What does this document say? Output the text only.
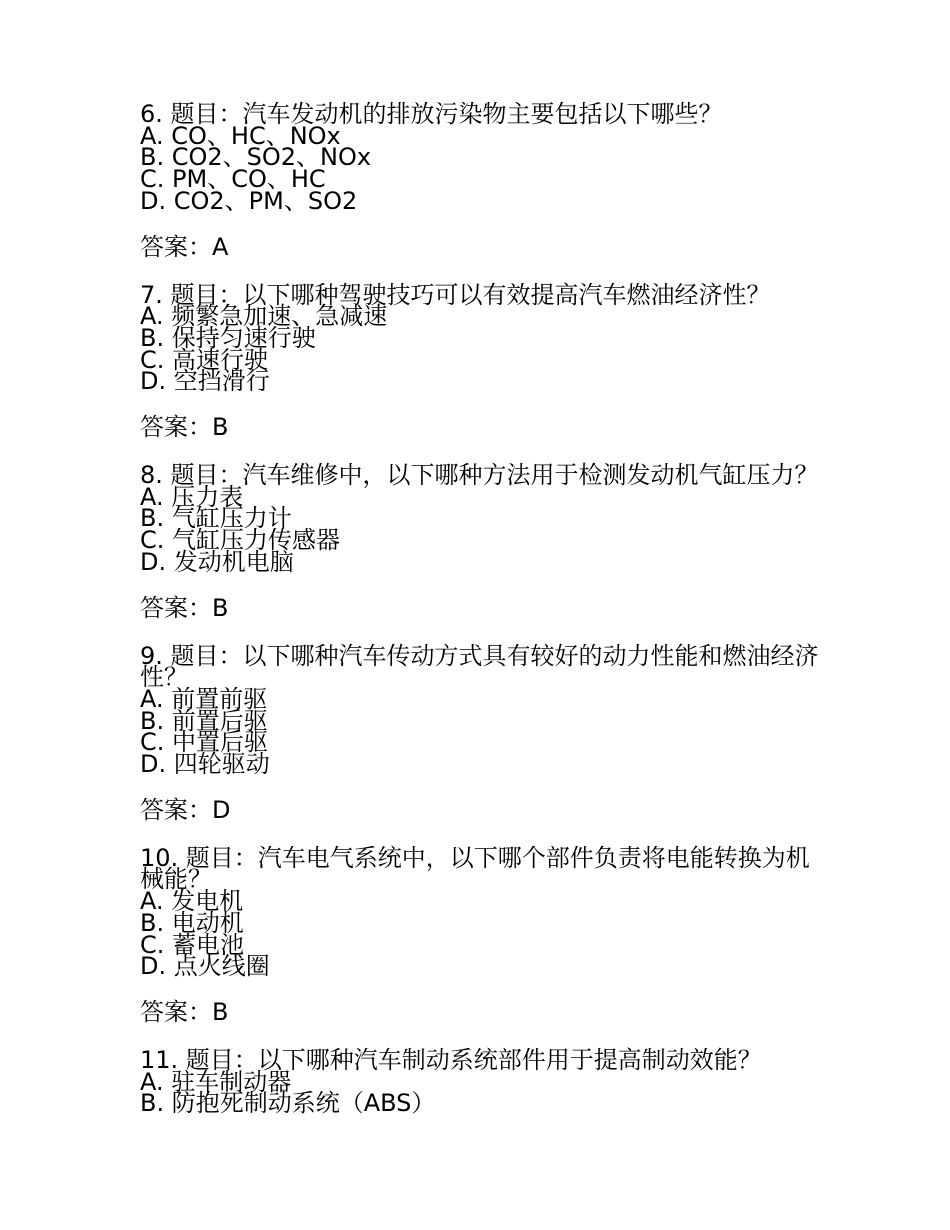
6. 题目：汽车发动机的排放污染物主要包括以下哪些？
A. CO、HC、NOx
B. CO2、SO2、NOx
C. PM、CO、HC
D. CO2、PM、SO2
答案：A
7. 题目：以下哪种驾驶技巧可以有效提高汽车燃油经济性？
A. 频繁急加速、急减速
B. 保持匀速行驶
C. 高速行驶
D. 空挡滑行
答案：B
8. 题目：汽车维修中，以下哪种方法用于检测发动机气缸压力？
A. 压力表
B. 气缸压力计
C. 气缸压力传感器
D. 发动机电脑
答案：B
9. 题目：以下哪种汽车传动方式具有较好的动力性能和燃油经济性？
A. 前置前驱
B. 前置后驱
C. 中置后驱
D. 四轮驱动
答案：D
10. 题目：汽车电气系统中，以下哪个部件负责将电能转换为机械能？
A. 发电机
B. 电动机
C. 蓄电池
D. 点火线圈
答案：B
11. 题目：以下哪种汽车制动系统部件用于提高制动效能？
A. 驻车制动器
B. 防抱死制动系统（ABS）
